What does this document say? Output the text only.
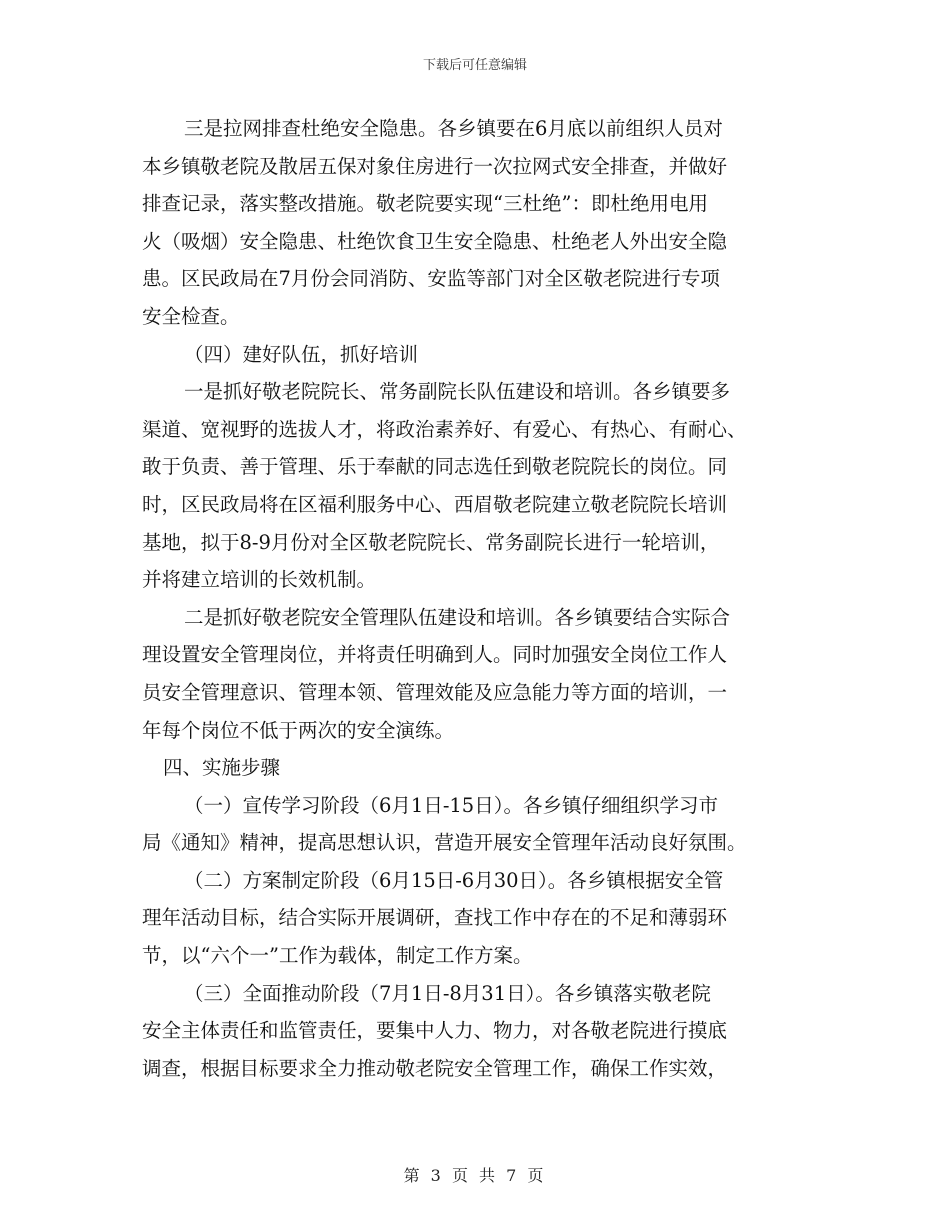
下载后可任意编辑
三是拉网排查杜绝安全隐患。各乡镇要在6月底以前组织人员对
本乡镇敬老院及散居五保对象住房进行一次拉网式安全排查，并做好
排查记录，落实整改措施。敬老院要实现“三杜绝”：即杜绝用电用
火（吸烟）安全隐患、杜绝饮食卫生安全隐患、杜绝老人外出安全隐
患。区民政局在7月份会同消防、安监等部门对全区敬老院进行专项
安全检查。
（四）建好队伍，抓好培训
一是抓好敬老院院长、常务副院长队伍建设和培训。各乡镇要多
渠道、宽视野的选拔人才，将政治素养好、有爱心、有热心、有耐心、
敢于负责、善于管理、乐于奉献的同志选任到敬老院院长的岗位。同
时，区民政局将在区福利服务中心、西眉敬老院建立敬老院院长培训
基地，拟于8-9月份对全区敬老院院长、常务副院长进行一轮培训，
并将建立培训的长效机制。
二是抓好敬老院安全管理队伍建设和培训。各乡镇要结合实际合
理设置安全管理岗位，并将责任明确到人。同时加强安全岗位工作人
员安全管理意识、管理本领、管理效能及应急能力等方面的培训，一
年每个岗位不低于两次的安全演练。
四、实施步骤
（一）宣传学习阶段（6月1日-15日）。各乡镇仔细组织学习市
局《通知》精神，提高思想认识，营造开展安全管理年活动良好氛围。
（二）方案制定阶段（6月15日-6月30日）。各乡镇根据安全管
理年活动目标，结合实际开展调研，查找工作中存在的不足和薄弱环
节，以“六个一”工作为载体，制定工作方案。
（三）全面推动阶段（7月1日-8月31日）。各乡镇落实敬老院
安全主体责任和监管责任，要集中人力、物力，对各敬老院进行摸底
调查，根据目标要求全力推动敬老院安全管理工作，确保工作实效，
第 3 页 共 7 页
